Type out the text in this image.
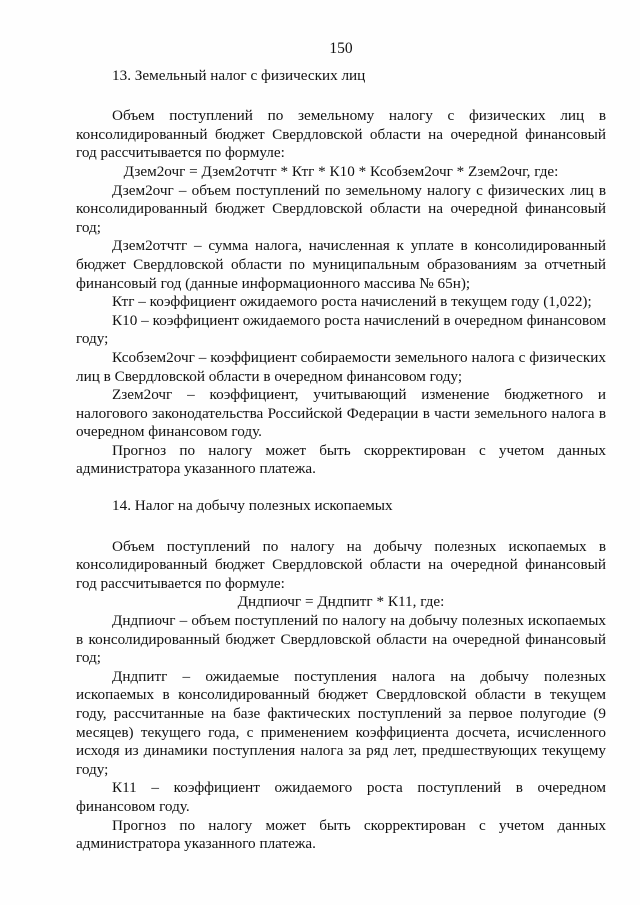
150

13. Земельный налог с физических лиц

Объем поступлений по земельному налогу с физических лиц в консолидированный бюджет Свердловской области на очередной финансовый год рассчитывается по формуле:

Дзем2очг = Дзем2отчтг * Ктг * К10 * Ксобзем2очг * Zзем2очг, где:

Дзем2очг – объем поступлений по земельному налогу с физических лиц в консолидированный бюджет Свердловской области на очередной финансовый год;

Дзем2отчтг – сумма налога, начисленная к уплате в консолидированный бюджет Свердловской области по муниципальным образованиям за отчетный финансовый год (данные информационного массива № 65н);

Ктг – коэффициент ожидаемого роста начислений в текущем году (1,022);

К10 – коэффициент ожидаемого роста начислений в очередном финансовом году;

Ксобзем2очг – коэффициент собираемости земельного налога с физических лиц в Свердловской области в очередном финансовом году;

Zзем2очг – коэффициент, учитывающий изменение бюджетного и налогового законодательства Российской Федерации в части земельного налога в очередном финансовом году.

Прогноз по налогу может быть скорректирован с учетом данных администратора указанного платежа.

14. Налог на добычу полезных ископаемых

Объем поступлений по налогу на добычу полезных ископаемых в консолидированный бюджет Свердловской области на очередной финансовый год рассчитывается по формуле:

Дндпиочг = Дндпитг * К11, где:

Дндпиочг – объем поступлений по налогу на добычу полезных ископаемых в консолидированный бюджет Свердловской области на очередной финансовый год;

Дндпитг – ожидаемые поступления налога на добычу полезных ископаемых в консолидированный бюджет Свердловской области в текущем году, рассчитанные на базе фактических поступлений за первое полугодие (9 месяцев) текущего года, с применением коэффициента досчета, исчисленного исходя из динамики поступления налога за ряд лет, предшествующих текущему году;

К11 – коэффициент ожидаемого роста поступлений в очередном финансовом году.

Прогноз по налогу может быть скорректирован с учетом данных администратора указанного платежа.
